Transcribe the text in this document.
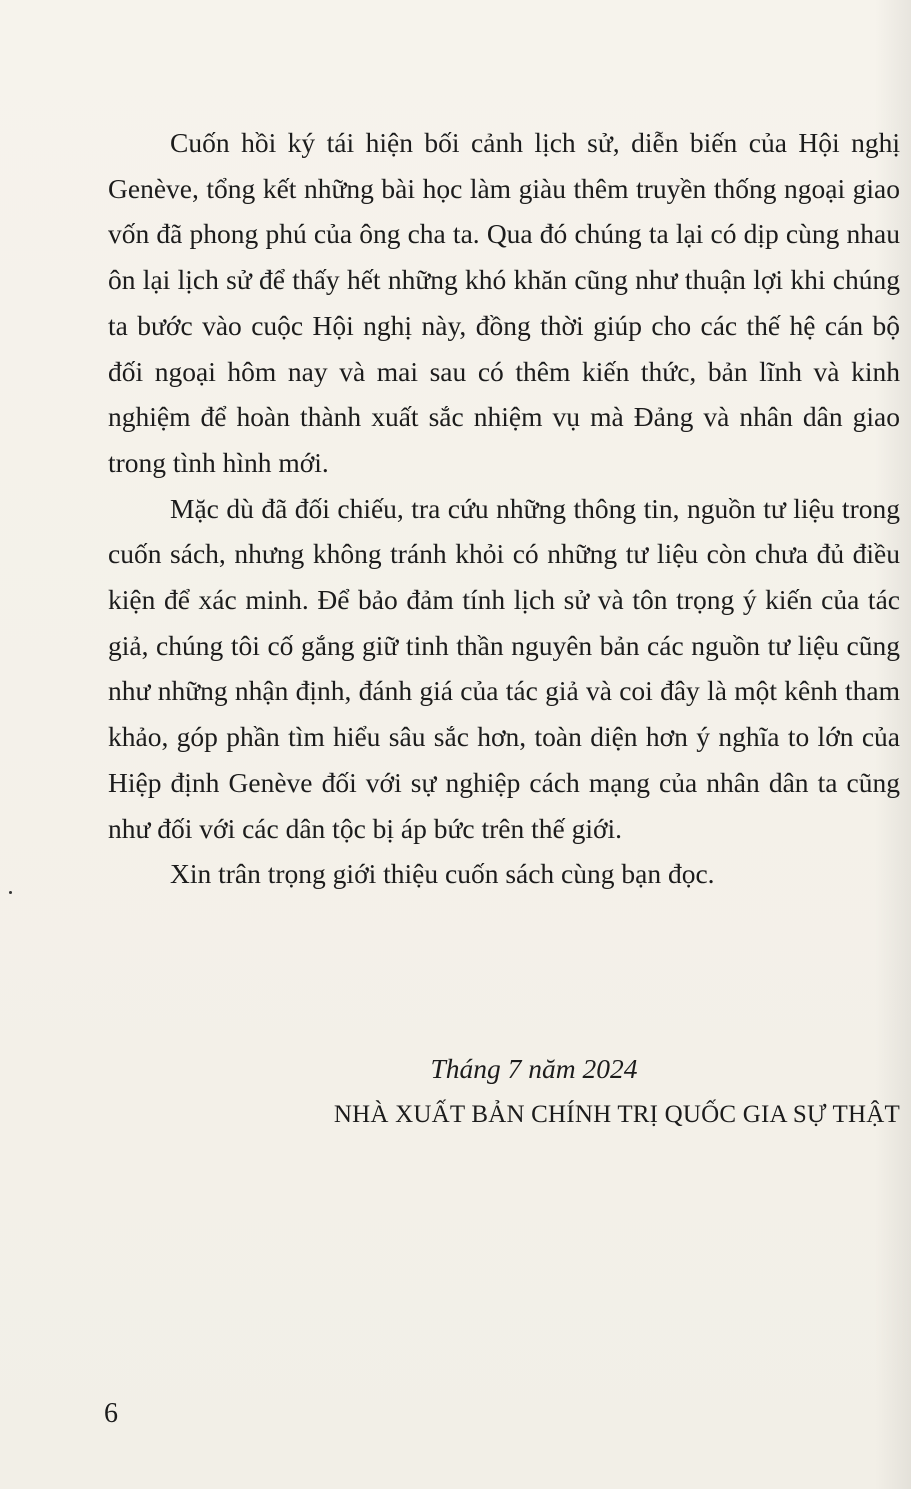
Cuốn hồi ký tái hiện bối cảnh lịch sử, diễn biến của Hội nghị Genève, tổng kết những bài học làm giàu thêm truyền thống ngoại giao vốn đã phong phú của ông cha ta. Qua đó chúng ta lại có dịp cùng nhau ôn lại lịch sử để thấy hết những khó khăn cũng như thuận lợi khi chúng ta bước vào cuộc Hội nghị này, đồng thời giúp cho các thế hệ cán bộ đối ngoại hôm nay và mai sau có thêm kiến thức, bản lĩnh và kinh nghiệm để hoàn thành xuất sắc nhiệm vụ mà Đảng và nhân dân giao trong tình hình mới.

Mặc dù đã đối chiếu, tra cứu những thông tin, nguồn tư liệu trong cuốn sách, nhưng không tránh khỏi có những tư liệu còn chưa đủ điều kiện để xác minh. Để bảo đảm tính lịch sử và tôn trọng ý kiến của tác giả, chúng tôi cố gắng giữ tinh thần nguyên bản các nguồn tư liệu cũng như những nhận định, đánh giá của tác giả và coi đây là một kênh tham khảo, góp phần tìm hiểu sâu sắc hơn, toàn diện hơn ý nghĩa to lớn của Hiệp định Genève đối với sự nghiệp cách mạng của nhân dân ta cũng như đối với các dân tộc bị áp bức trên thế giới.

Xin trân trọng giới thiệu cuốn sách cùng bạn đọc.

Tháng 7 năm 2024
NHÀ XUẤT BẢN CHÍNH TRỊ QUỐC GIA SỰ THẬT
6
